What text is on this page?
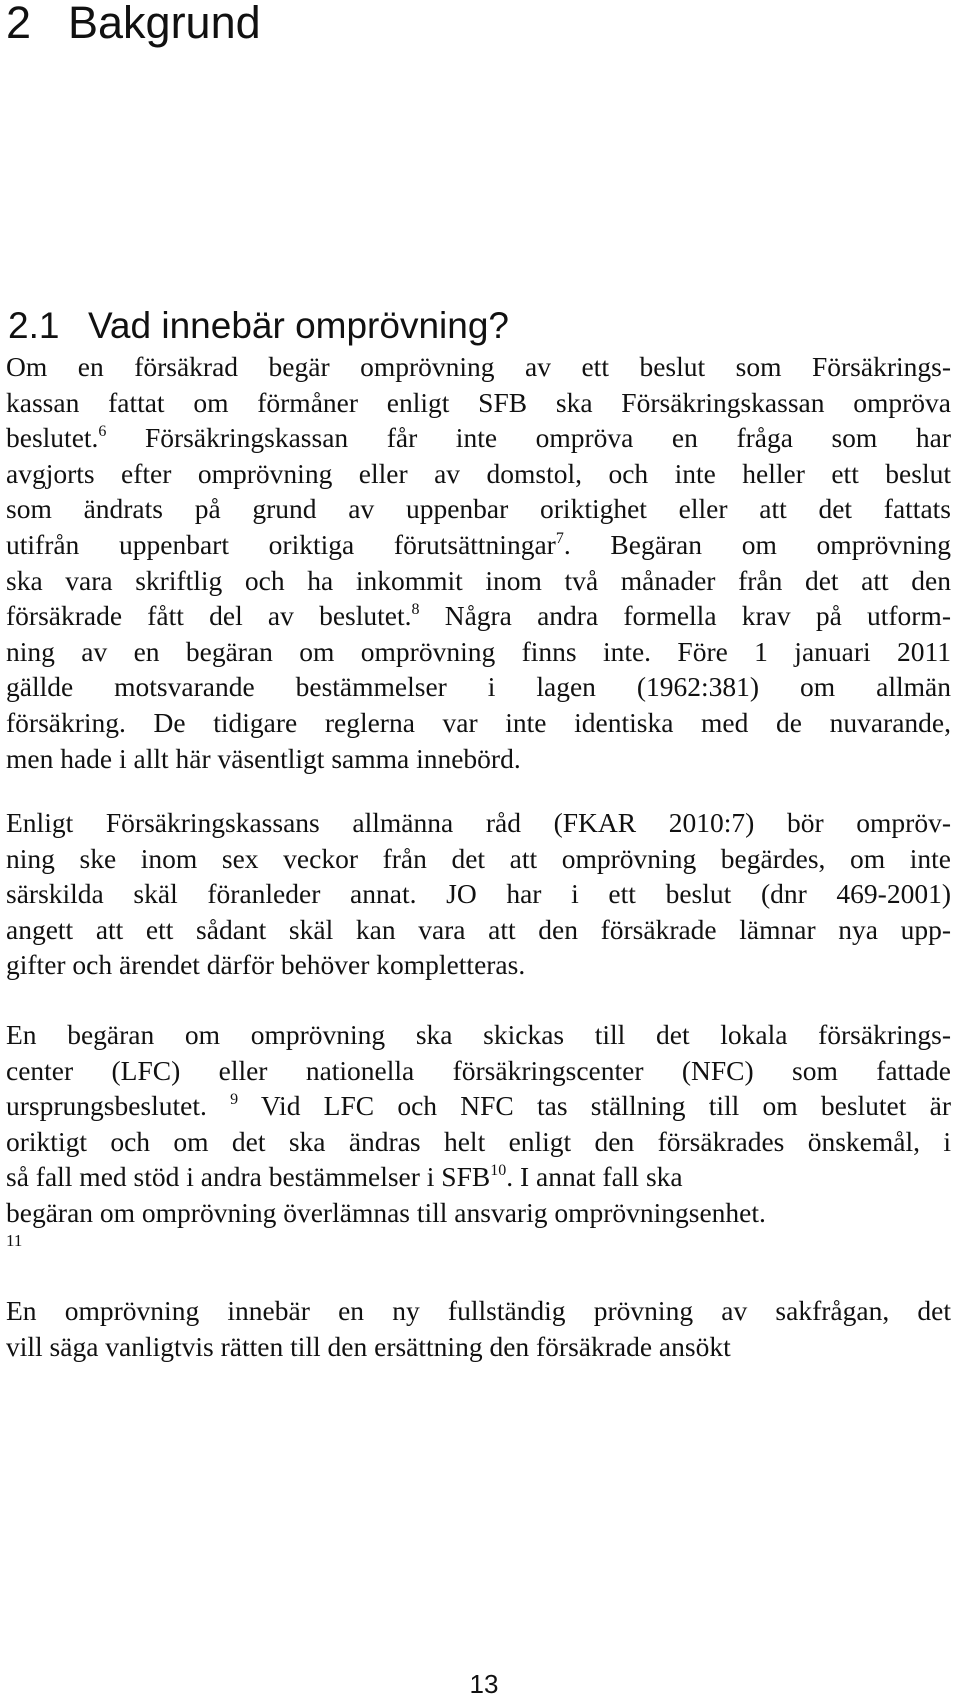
2 Bakgrund
2.1 Vad innebär omprövning?
Om en försäkrad begär omprövning av ett beslut som Försäkrings-
kassan fattat om förmåner enligt SFB ska Försäkringskassan ompröva
beslutet.$^6$ Försäkringskassan får inte ompröva en fråga som har
avgjorts efter omprövning eller av domstol, och inte heller ett beslut
som ändrats på grund av uppenbar oriktighet eller att det fattats
utifrån uppenbart oriktiga förutsättningar$^7$. Begäran om omprövning
ska vara skriftlig och ha inkommit inom två månader från det att den
försäkrade fått del av beslutet.$^8$ Några andra formella krav på utform-
ning av en begäran om omprövning finns inte. Före 1 januari 2011
gällde motsvarande bestämmelser i lagen (1962:381) om allmän
försäkring. De tidigare reglerna var inte identiska med de nuvarande,
men hade i allt här väsentligt samma innebörd.
Enligt Försäkringskassans allmänna råd (FKAR 2010:7) bör ompröv-
ning ske inom sex veckor från det att omprövning begärdes, om inte
särskilda skäl föranleder annat. JO har i ett beslut (dnr 469-2001)
angett att ett sådant skäl kan vara att den försäkrade lämnar nya upp-
gifter och ärendet därför behöver kompletteras.
En begäran om omprövning ska skickas till det lokala försäkrings-
center (LFC) eller nationella försäkringscenter (NFC) som fattade
ursprungsbeslutet. $^9$ Vid LFC och NFC tas ställning till om beslutet är
oriktigt och om det ska ändras helt enligt den försäkrades önskemål, i
så fall med stöd i andra bestämmelser i SFB$^{10}$. I annat fall ska
begäran om omprövning överlämnas till ansvarig omprövningsenhet.
11
En omprövning innebär en ny fullständig prövning av sakfrågan, det
vill säga vanligtvis rätten till den ersättning den försäkrade ansökt
13
